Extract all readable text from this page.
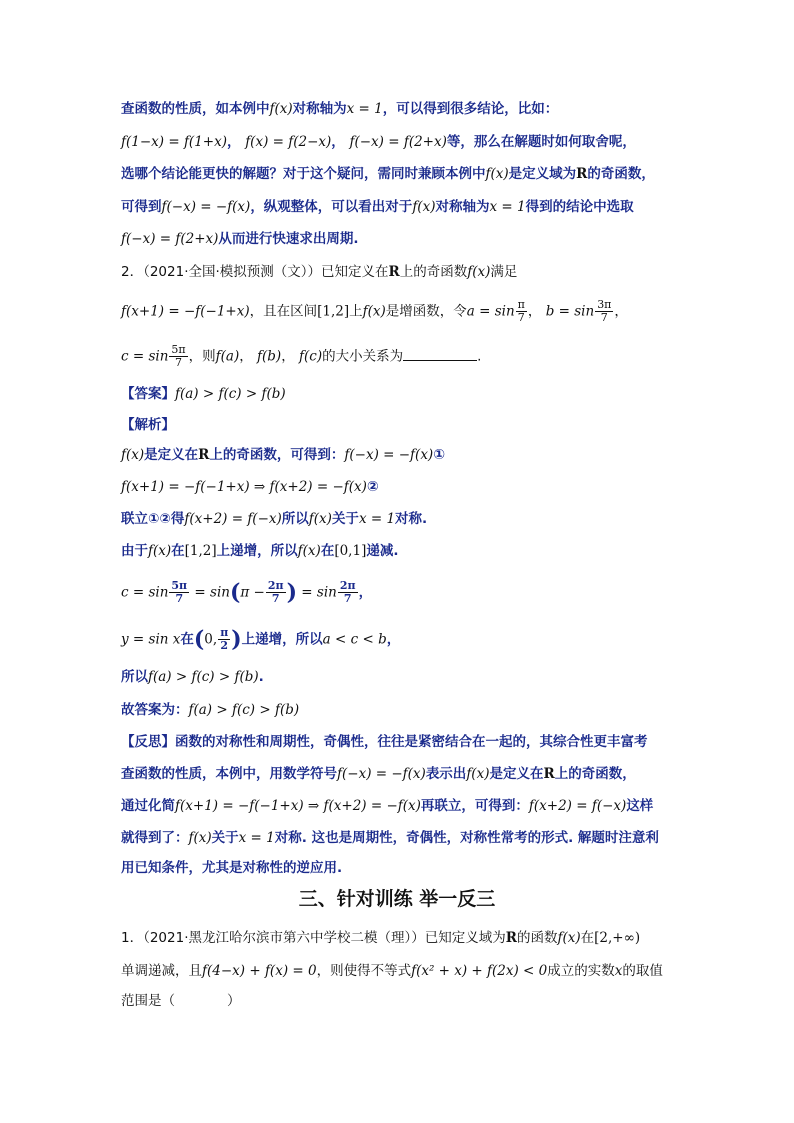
查函数的性质，如本例中f(x)对称轴为x = 1，可以得到很多结论，比如：
f(1−x) = f(1+x)， f(x) = f(2−x)， f(−x) = f(2+x)等，那么在解题时如何取舍呢，
选哪个结论能更快的解题？对于这个疑问，需同时兼顾本例中f(x)是定义域为R的奇函数，
可得到f(−x) = −f(x)，纵观整体，可以看出对于f(x)对称轴为x = 1得到的结论中选取
f(−x) = f(2+x)从而进行快速求出周期.
2．（2021·全国·模拟预测（文））已知定义在R上的奇函数f(x)满足
f(x+1) = −f(−1+x)，且在区间[1,2]上f(x)是增函数，令$a = \sin \frac{\pi}{7}$ ， $b = \sin \frac{3\pi}{7}$ ，
$c = \sin \frac{5\pi}{7}$ ，则f(a)， f(b)， f(c)的大小关系为	.
【答案】f(a) > f(c) > f(b)
【解析】
f(x)是定义在R上的奇函数，可得到：f(−x) = −f(x)①
f(x+1) = −f(−1+x) ⇒ f(x+2) = −f(x)②
联立①②得f(x+2) = f(−x)所以f(x)关于x = 1对称.
由于f(x)在[1,2]上递增，所以f(x)在[0,1]递减.
$c = \sin \frac{5\pi}{7} = \sin(\pi - \frac{2\pi}{7}$ ) = $\sin \frac{2\pi}{7}$ ，
y = sin x在(0, $\frac{\pi}{2}$ )上递增，所以a < c < b，
所以f(a) > f(c) > f(b).
故答案为：f(a) > f(c) > f(b)
【反思】函数的对称性和周期性，奇偶性，往往是紧密结合在一起的，其综合性更丰富考
查函数的性质，本例中，用数学符号f(−x) = −f(x)表示出f(x)是定义在R上的奇函数，
通过化简f(x+1) = −f(−1+x) ⇒ f(x+2) = −f(x)再联立，可得到：f(x+2) = f(−x)这样
就得到了：f(x)关于x = 1对称. 这也是周期性，奇偶性，对称性常考的形式. 解题时注意利
用已知条件，尤其是对称性的逆应用.
三、针对训练 举一反三
1．（2021·黑龙江哈尔滨市第六中学校二模（理））已知定义域为R的函数f(x)在[2,+∞)
单调递减，且f(4−x) + f(x) = 0，则使得不等式f(x² + x) + f(2x) < 0成立的实数x的取值
范围是（	）
